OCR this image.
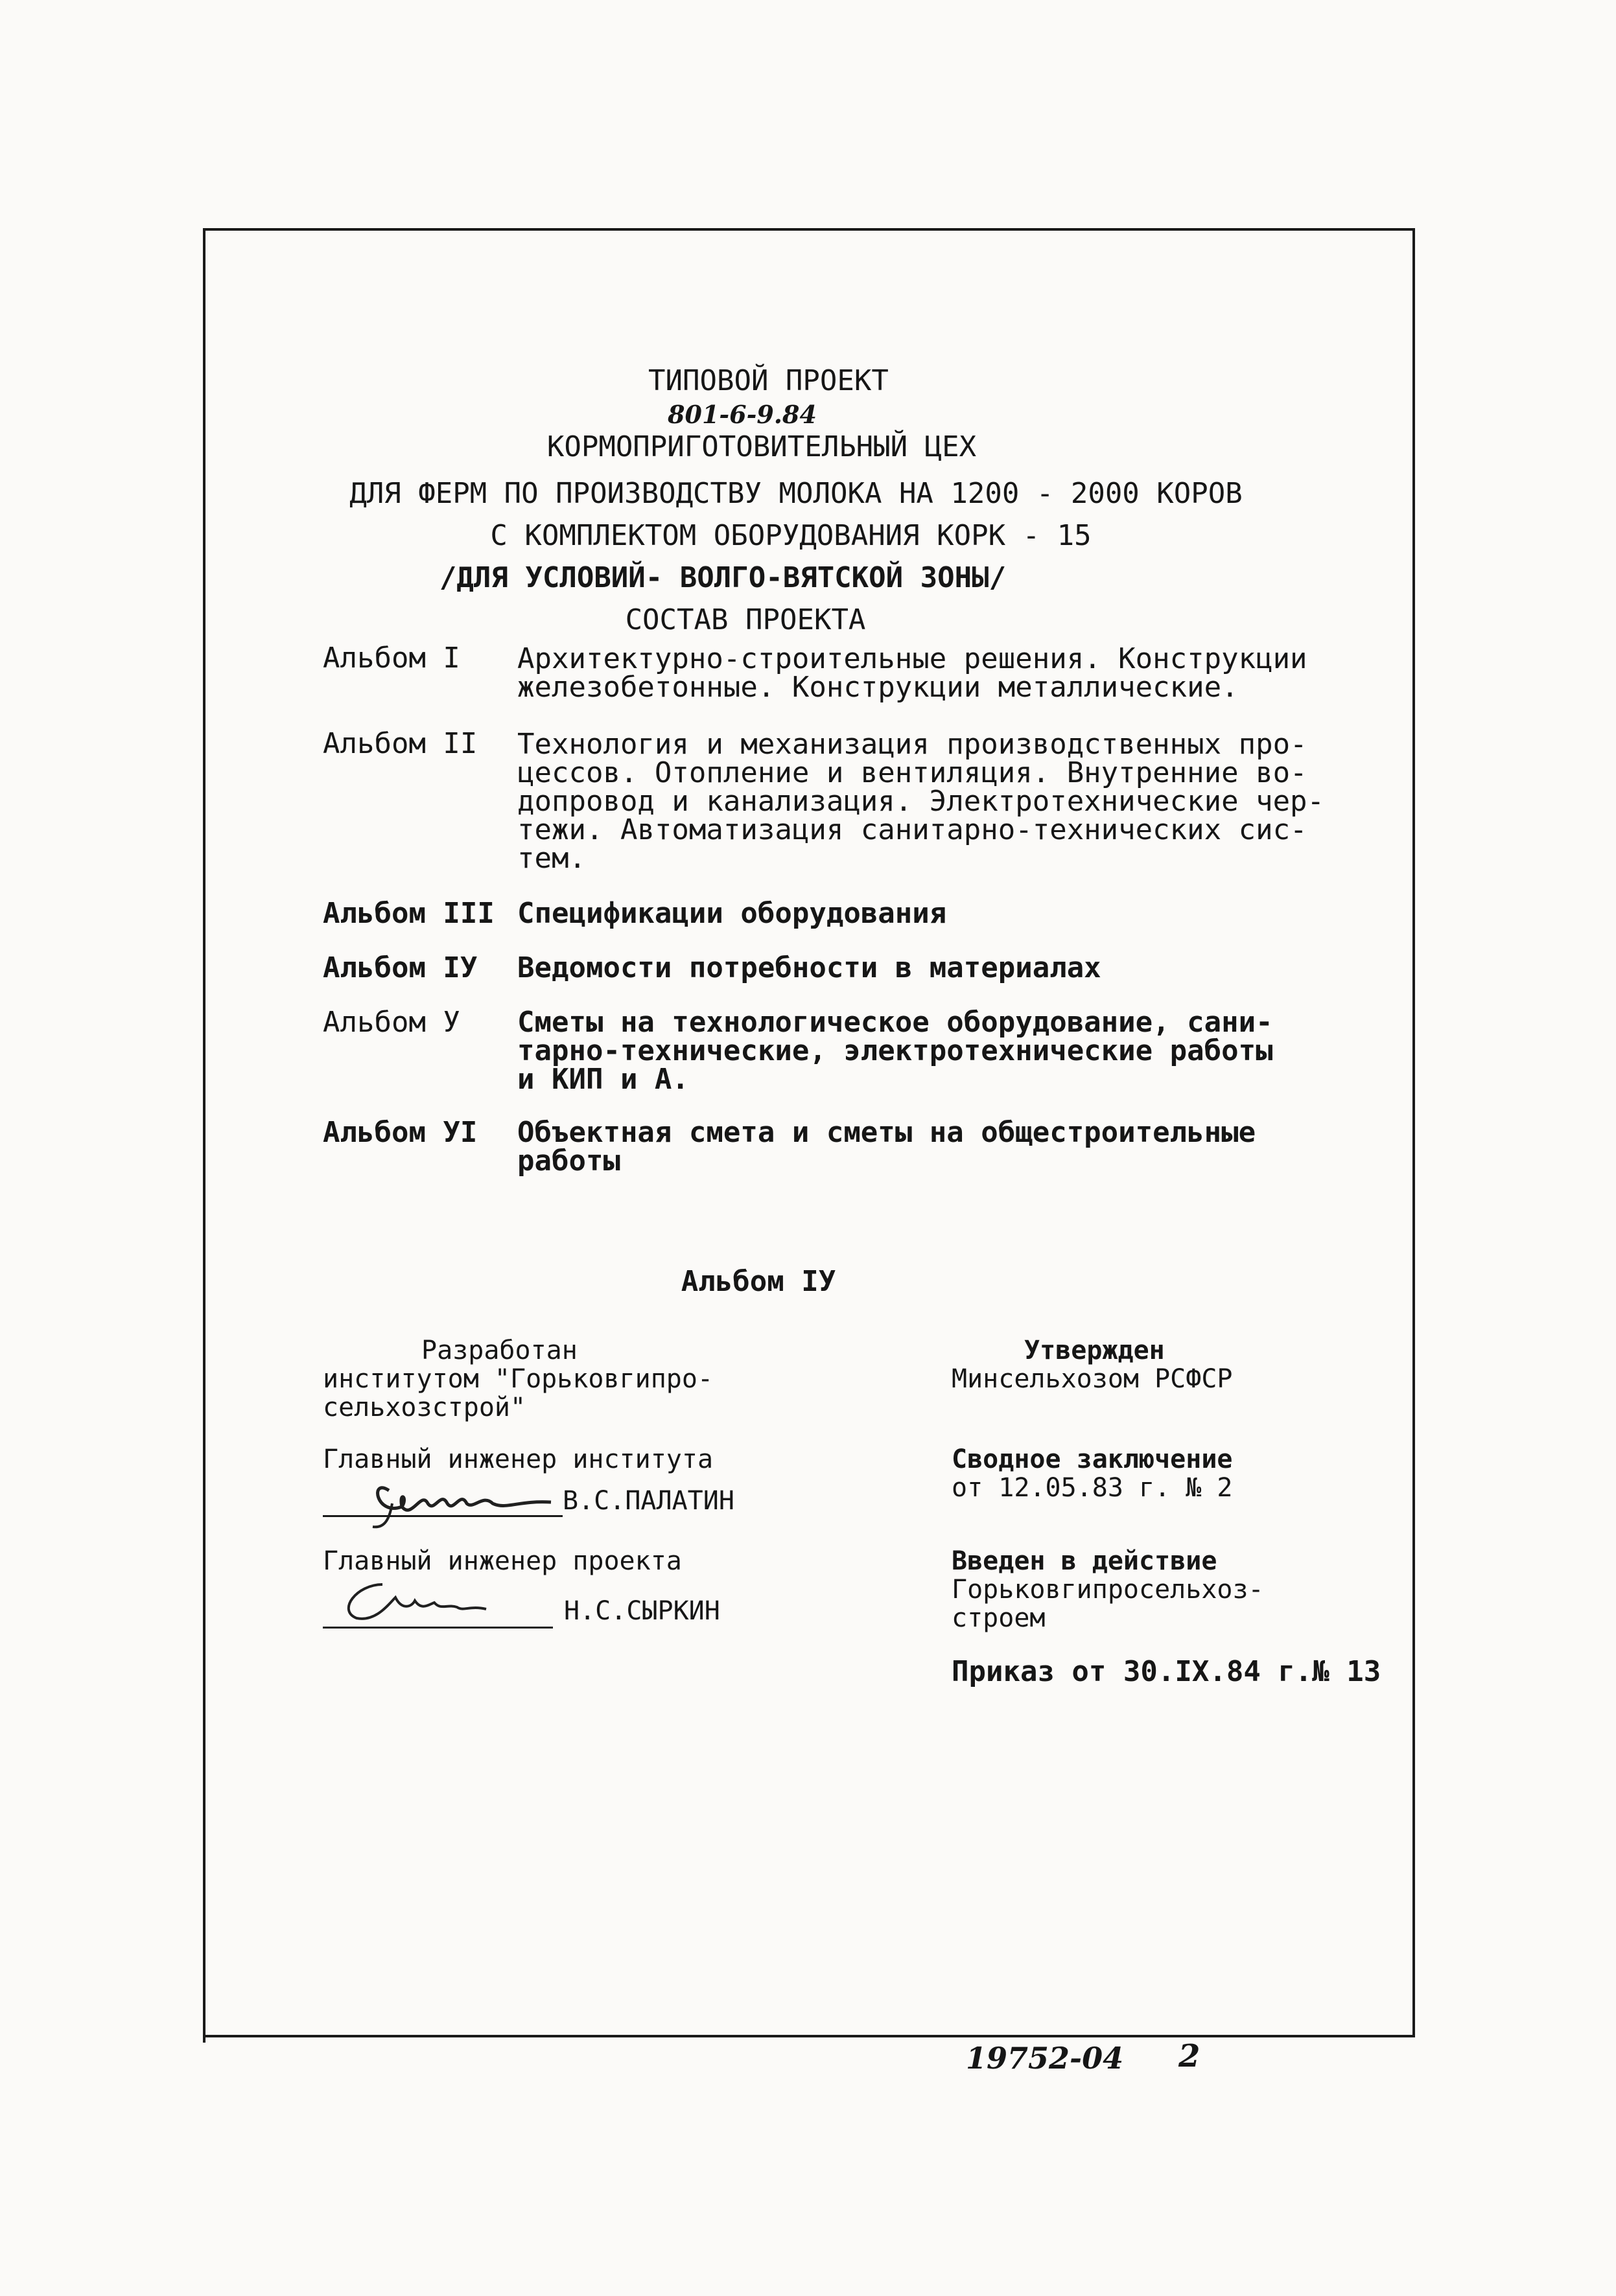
ТИПОВОЙ ПРОЕКТ
801-6-9.84
КОРМОПРИГОТОВИТЕЛЬНЫЙ ЦЕХ
ДЛЯ ФЕРМ ПО ПРОИЗВОДСТВУ МОЛОКА НА 1200 - 2000 КОРОВ
С КОМПЛЕКТОМ ОБОРУДОВАНИЯ КОРК - 15
/ДЛЯ УСЛОВИЙ- ВОЛГО-ВЯТСКОЙ ЗОНЫ/
СОСТАВ ПРОЕКТА
Альбом I Архитектурно-строительные решения. Конструкции
железобетонные. Конструкции металлические.
Альбом II Технология и механизация производственных про-
цессов. Отопление и вентиляция. Внутренние во-
допровод и канализация. Электротехнические чер-
тежи. Автоматизация санитарно-технических сис-
тем.
Альбом III Спецификации оборудования
Альбом IУ Ведомости потребности в материалах
Альбом У Сметы на технологическое оборудование, сани-
тарно-технические, электротехнические работы
и КИП и А.
Альбом УI Объектная смета и сметы на общестроительные
работы
Альбом IУ
Разработан
институтом "Горьковгипро-
сельхозстрой"
Главный инженер института
В.С.ПАЛАТИН
Главный инженер проекта
Н.С.СЫРКИН
Утвержден
Минсельхозом РСФСР
Сводное заключение
от 12.05.83 г. № 2
Введен в действие
Горьковгипросельхоз-
строем
Приказ от 30.IX.84 г.№ 13
19752-04 2
